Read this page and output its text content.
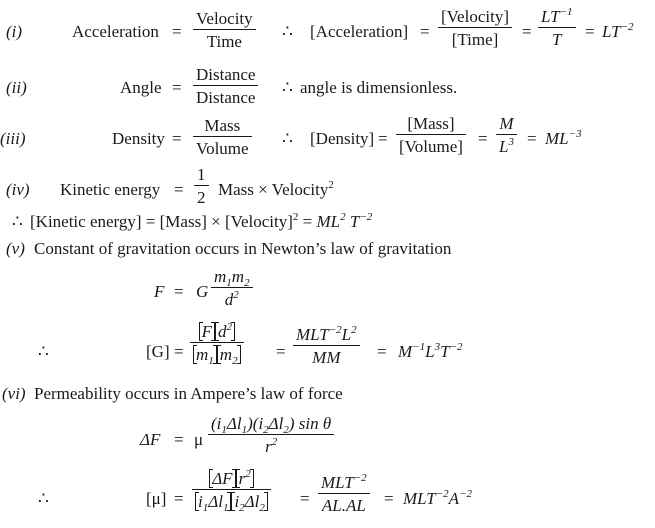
(i)	Acceleration =
Velocity
Time
∴ [Acceleration] =
[Velocity]
[Time]	= $\frac{LT^{-1}}{T} = LT^{-2}$
(ii)	Angle =
Distance
Distance
∴ angle is dimensionless.
(iii)	Density =
Mass
Volume
∴ [Density] =
[Mass]
[Volume] = $\frac{M}{L^3} = ML^{-3}$
(iv) Kinetic energy = $\frac{1}{2}$ Mass × Velocity$^2$
∴ [Kinetic energy] = [Mass] × [Velocity]$^2$ = $ML^2$ $T^{-2}$
(v) Constant of gravitation occurs in Newton’s law of gravitation
F = G $\frac{m_1m_2}{d^2}$
∴	$[G] = \frac{F d^2}{m_1 m_2}$ =
$MLT^{-2}L^2$
MM	= $M^{-1}L^3T^{-2}$
(vi) Permeability occurs in Ampere’s law of force
ΔF = μ $\frac{(i_1\Delta l_1)(i_2\Delta l_2) \sin \theta}{r^2}$
∴	[μ] =
ΔF $r^2$
$i_1\Delta l_1$ $i_2\Delta l_2$	=
$MLT^{-2}$
$AL.AL = MLT^{-2}A^{-2}$
